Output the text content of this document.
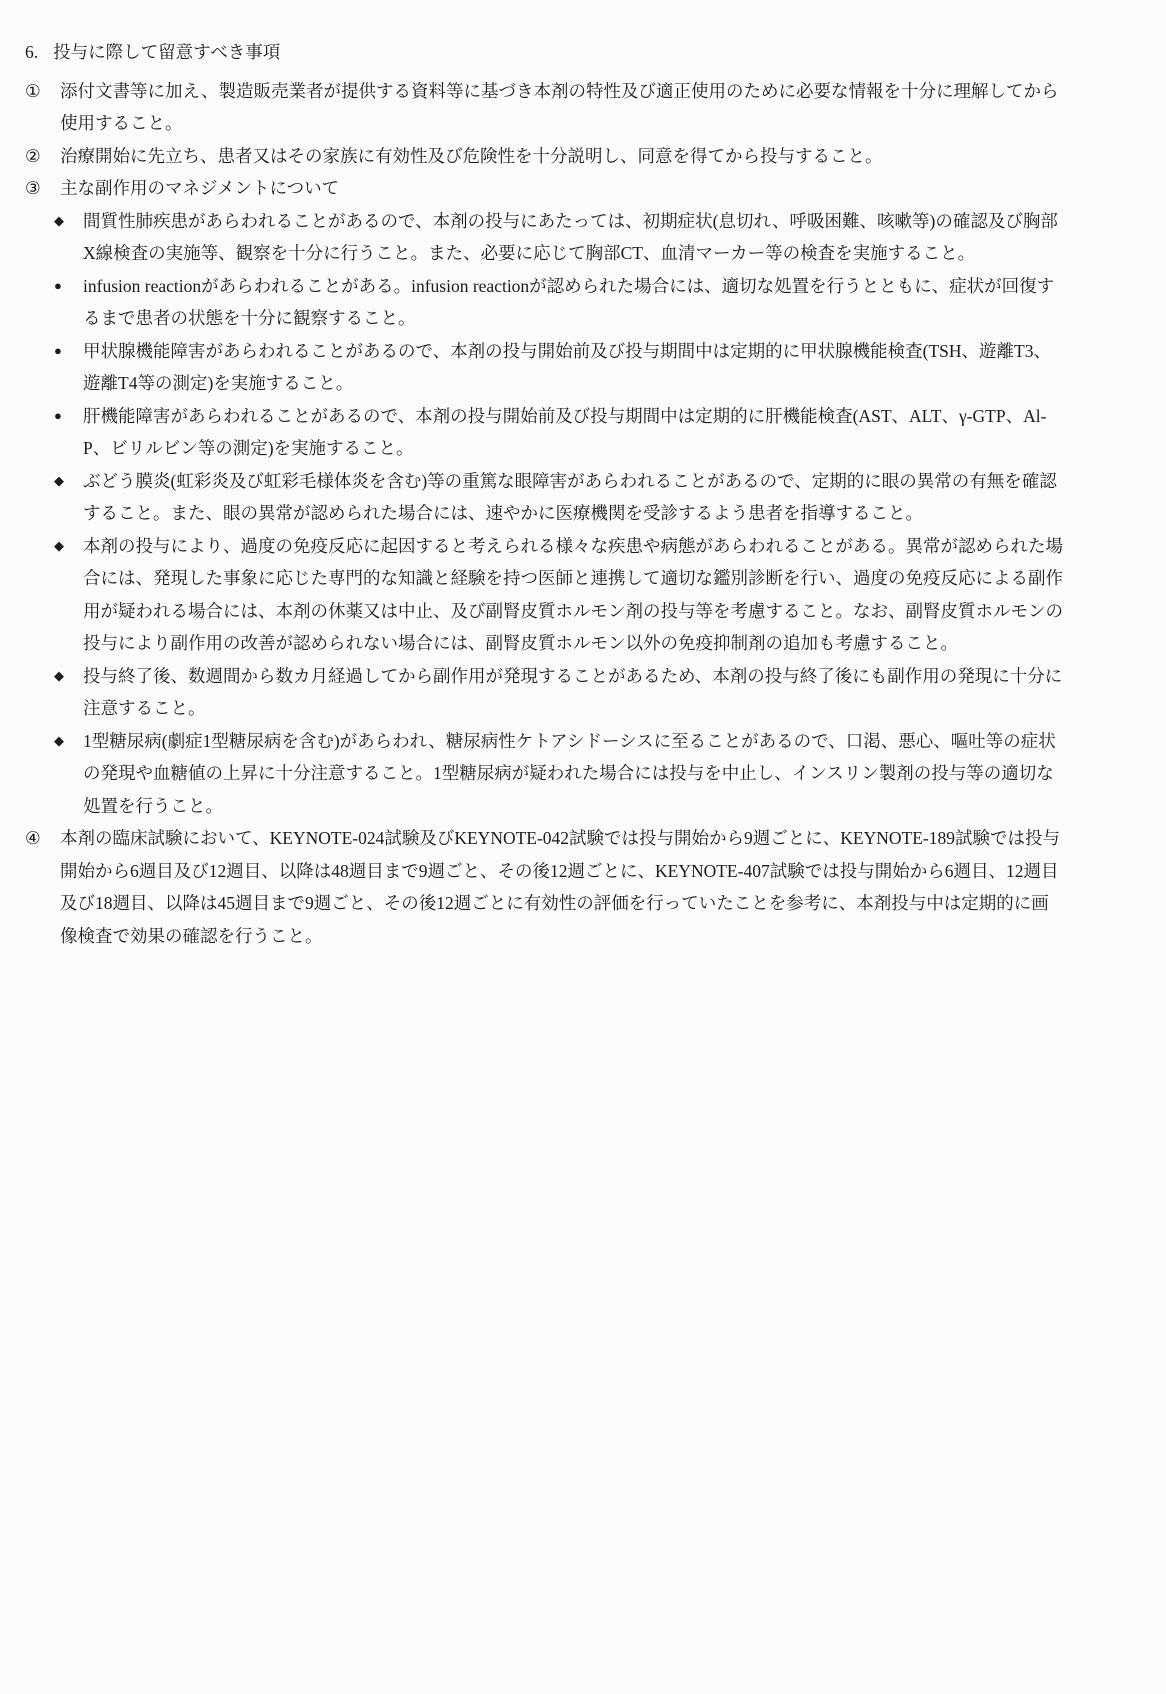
6. 投与に際して留意すべき事項
①	添付文書等に加え、製造販売業者が提供する資料等に基づき本剤の特性及び適正使用のために必要な情報を十分に理解してから使用すること。
②	治療開始に先立ち、患者又はその家族に有効性及び危険性を十分説明し、同意を得てから投与すること。
③	主な副作用のマネジメントについて
◆ 間質性肺疾患があらわれることがあるので、本剤の投与にあたっては、初期症状(息切れ、呼吸困難、咳嗽等)の確認及び胸部X線検査の実施等、観察を十分に行うこと。また、必要に応じて胸部CT、血清マーカー等の検査を実施すること。
● infusion reactionがあらわれることがある。infusion reactionが認められた場合には、適切な処置を行うとともに、症状が回復するまで患者の状態を十分に観察すること。
● 甲状腺機能障害があらわれることがあるので、本剤の投与開始前及び投与期間中は定期的に甲状腺機能検査(TSH、遊離T3、遊離T4等の測定)を実施すること。
● 肝機能障害があらわれることがあるので、本剤の投与開始前及び投与期間中は定期的に肝機能検査(AST、ALT、γ-GTP、Al-P、ビリルビン等の測定)を実施すること。
◆ ぶどう膜炎(虹彩炎及び虹彩毛様体炎を含む)等の重篤な眼障害があらわれることがあるので、定期的に眼の異常の有無を確認すること。また、眼の異常が認められた場合には、速やかに医療機関を受診するよう患者を指導すること。
◆ 本剤の投与により、過度の免疫反応に起因すると考えられる様々な疾患や病態があらわれることがある。異常が認められた場合には、発現した事象に応じた専門的な知識と経験を持つ医師と連携して適切な鑑別診断を行い、過度の免疫反応による副作用が疑われる場合には、本剤の休薬又は中止、及び副腎皮質ホルモン剤の投与等を考慮すること。なお、副腎皮質ホルモンの投与により副作用の改善が認められない場合には、副腎皮質ホルモン以外の免疫抑制剤の追加も考慮すること。
◆ 投与終了後、数週間から数カ月経過してから副作用が発現することがあるため、本剤の投与終了後にも副作用の発現に十分に注意すること。
◆ 1型糖尿病(劇症1型糖尿病を含む)があらわれ、糖尿病性ケトアシドーシスに至ることがあるので、口渇、悪心、嘔吐等の症状の発現や血糖値の上昇に十分注意すること。1型糖尿病が疑われた場合には投与を中止し、インスリン製剤の投与等の適切な処置を行うこと。
④	本剤の臨床試験において、KEYNOTE-024試験及びKEYNOTE-042試験では投与開始から9週ごとに、KEYNOTE-189試験では投与開始から6週目及び12週目、以降は48週目まで9週ごと、その後12週ごとに、KEYNOTE-407試験では投与開始から6週目、12週目及び18週目、以降は45週目まで9週ごと、その後12週ごとに有効性の評価を行っていたことを参考に、本剤投与中は定期的に画像検査で効果の確認を行うこと。
